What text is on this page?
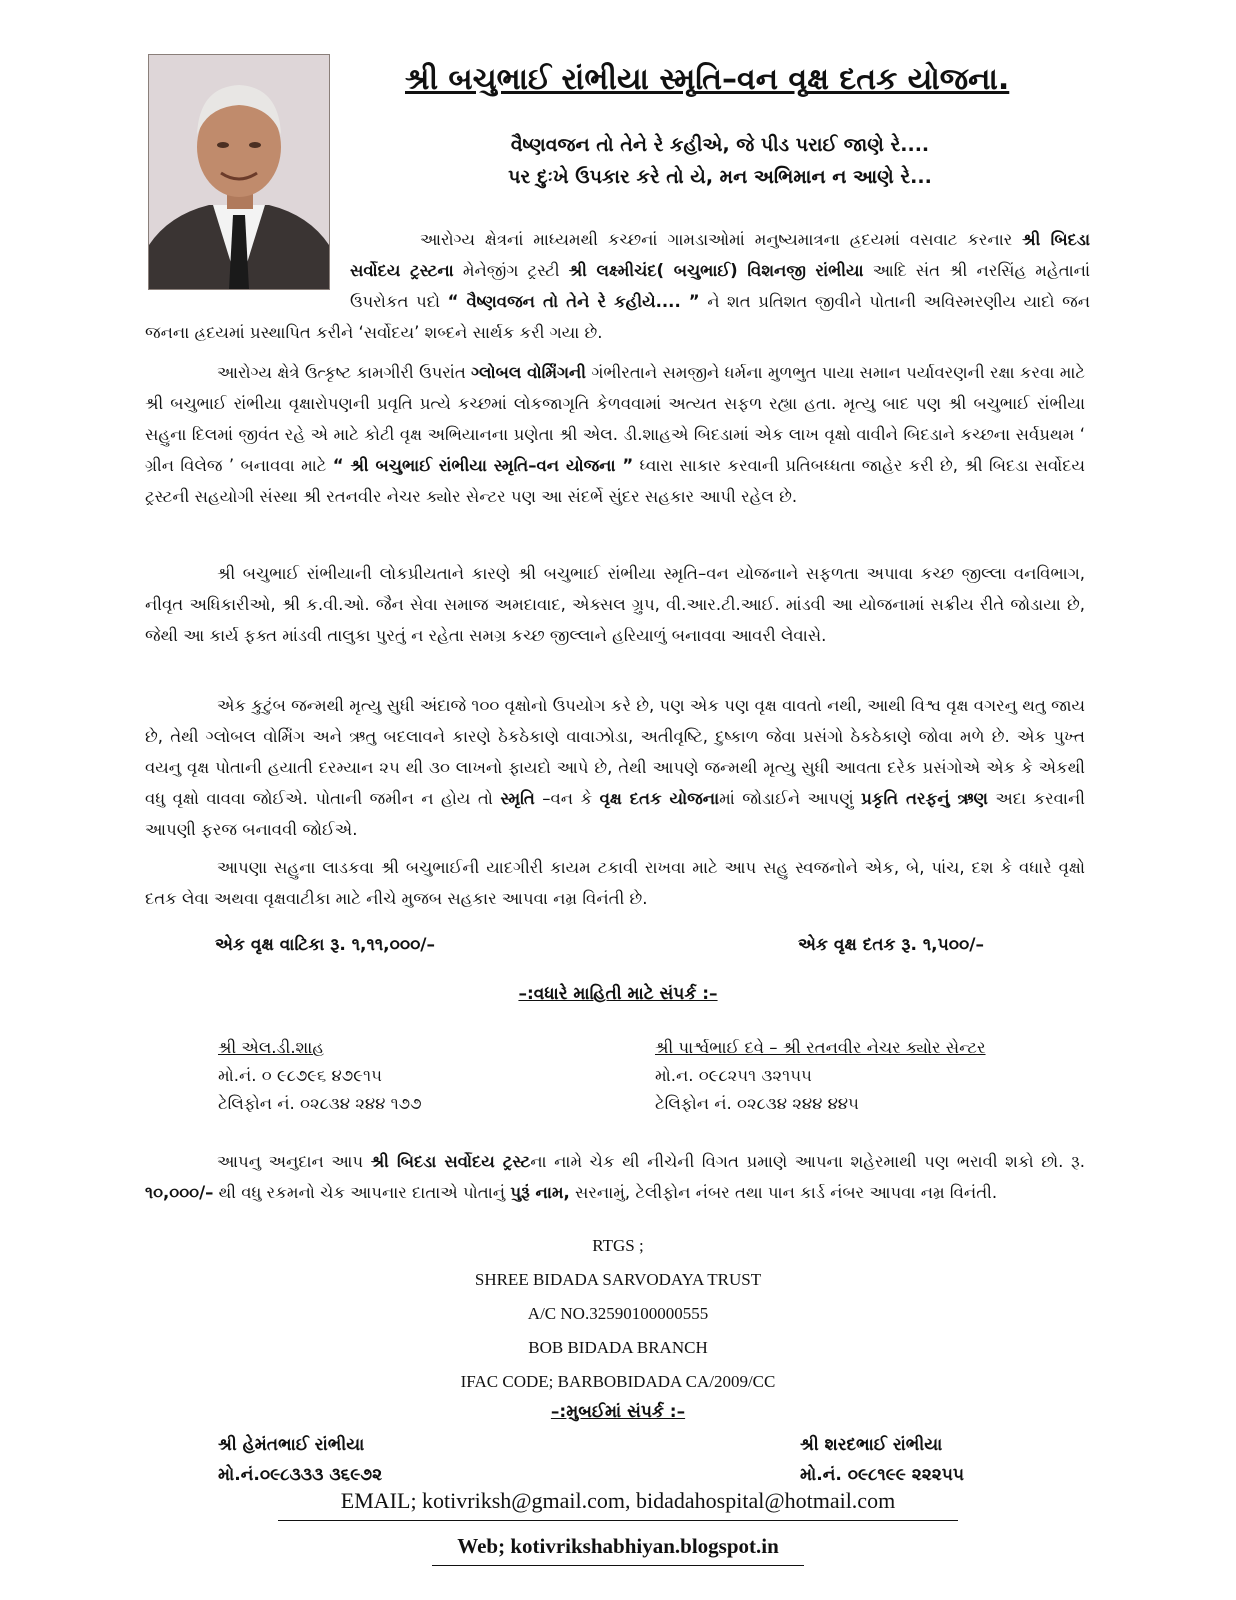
શ્રી બચુભાઈ રાંભીયા સ્મૃતિ–વન વૃક્ષ દતક યોજના.
વૈષ્ણવજન તો તેને રે કહીએ, જે પીડ પરાઈ જાણે રે....
પર દુઃખે ઉપકાર કરે તો યે, મન અભિમાન ન આણે રે...
આરોગ્ય ક્ષેત્રનાં માધ્યમથી કચ્છનાં ગામડાઓમાં મનુષ્યમાત્રના હ્રદયમાં વસવાટ કરનાર શ્રી બિદડા સર્વોદય ટ્રસ્ટના મેનેજીંગ ટ્રસ્ટી શ્રી લક્ષ્મીચંદ( બચુભાઈ) વિશનજી રાંભીયા આદિ સંત શ્રી નરસિંહ મહેતાનાં ઉપરોકત પદો “ વૈષ્ણવજન તો તેને રે કહીયે.... ” ને શત પ્રતિશત જીવીને પોતાની અવિસ્મરણીય યાદો જન જનના હ્રદયમાં પ્રસ્થાપિત કરીને ‘સર્વોદય’ શબ્દને સાર્થક કરી ગયા છે.
આરોગ્ય ક્ષેત્રે ઉત્કૃષ્ટ કામગીરી ઉપરાંત ગ્લોબલ વોર્મિંગની ગંભીરતાને સમજીને ધર્મના મુળભુત પાયા સમાન પર્યાવરણની રક્ષા કરવા માટે શ્રી બચુભાઈ રાંભીયા વૃક્ષારોપણની પ્રવૃતિ પ્રત્યે કચ્છમાં લોકજાગૃતિ કેળવવામાં અત્યત સફળ રહ્યા હતા. મૃત્યુ બાદ પણ શ્રી બચુભાઈ રાંભીયા સહુના દિલમાં જીવંત રહે એ માટે કોટી વૃક્ષ અભિયાનના પ્રણેતા શ્રી એલ. ડી.શાહએ બિદડામાં એક લાખ વૃક્ષો વાવીને બિદડાને કચ્છના સર્વપ્રથમ ‘ ગ્રીન વિલેજ ’ બનાવવા માટે “ શ્રી બચુભાઈ રાંભીયા સ્મૃતિ–વન યોજના ” ધ્વારા સાકાર કરવાની પ્રતિબધ્ધતા જાહેર કરી છે, શ્રી બિદડા સર્વોદય ટ્રસ્ટની સહયોગી સંસ્થા શ્રી રતનવીર નેચર ક્યોર સેન્ટર પણ આ સંદર્ભે સુંદર સહકાર આપી રહેલ છે.
શ્રી બચુભાઈ રાંભીયાની લોકપ્રીયતાને કારણે શ્રી બચુભાઈ રાંભીયા સ્મૃતિ–વન યોજનાને સફળતા અપાવા કચ્છ જીલ્લા વનવિભાગ, નીવૃત અધિકારીઓ, શ્રી ક.વી.ઓ. જૈન સેવા સમાજ અમદાવાદ, એક્સલ ગ્રુપ, વી.આર.ટી.આઈ. માંડવી આ યોજનામાં સક્રીય રીતે જોડાયા છે, જેથી આ કાર્ય ફક્ત માંડવી તાલુકા પુરતું ન રહેતા સમગ્ર કચ્છ જીલ્લાને હરિયાળું બનાવવા આવરી લેવાસે.
એક કુટુંબ જન્મથી મૃત્યુ સુધી અંદાજે ૧૦૦ વૃક્ષોનો ઉપયોગ કરે છે, પણ એક પણ વૃક્ષ વાવતો નથી, આથી વિશ્વ વૃક્ષ વગરનુ થતુ જાય છે, તેથી ગ્લોબલ વોર્મિંગ અને ઋતુ બદલાવને કારણે ઠેકઠેકાણે વાવાઝોડા, અતીવૃષ્ટિ, દુષ્કાળ જેવા પ્રસંગો ઠેકઠેકાણે જોવા મળે છે. એક પુખ્ત વયનુ વૃક્ષ પોતાની હયાતી દરમ્યાન ૨૫ થી ૩૦ લાખનો ફાયદો આપે છે, તેથી આપણે જન્મથી મૃત્યુ સુધી આવતા દરેક પ્રસંગોએ એક કે એકથી વધુ વૃક્ષો વાવવા જોઈએ. પોતાની જમીન ન હોય તો સ્મૃતિ –વન કે વૃક્ષ દતક યોજનામાં જોડાઈને આપણું પ્રકૃતિ તરફનું ઋણ અદા કરવાની આપણી ફરજ બનાવવી જોઈએ.
આપણા સહુના લાડકવા શ્રી બચુભાઈની યાદગીરી કાયમ ટકાવી રાખવા માટે આપ સહુ સ્વજનોને એક, બે, પાંચ, દશ કે વધારે વૃક્ષો દતક લેવા અથવા વૃક્ષવાટીકા માટે નીચે મુજબ સહકાર આપવા નમ્ર વિનંતી છે.
એક વૃક્ષ વાટિકા રૂ. ૧,૧૧,૦૦૦/–	એક વૃક્ષ દતક રૂ. ૧,૫૦૦/–
–:વધારે માહિતી માટે સંપર્ક :–
શ્રી એલ.ડી.શાહ
મો.નં. ૦ ૯૮૭૯૬ ૪૭૯૧૫
ટેલિફોન નં. ૦૨૮૩૪ ૨૪૪ ૧૭૭
શ્રી પાર્શ્વભાઈ દવે – શ્રી રતનવીર નેચર ક્યોર સેન્ટર
મો.ન. ૦૯૮૨૫૧ ૩૨૧૫૫
ટેલિફોન નં. ૦૨૮૩૪ ૨૪૪ ૪૪૫
આપનુ અનુદાન આપ શ્રી બિદડા સર્વોદય ટ્રસ્ટના નામે ચેક થી નીચેની વિગત પ્રમાણે આપના શહેરમાથી પણ ભરાવી શકો છો. રૂ. ૧૦,૦૦૦/– થી વધુ રકમનો ચેક આપનાર દાતાએ પોતાનું પુરૂં નામ, સરનામું, ટેલીફોન નંબર તથા પાન કાર્ડ નંબર આપવા નમ્ર વિનંતી.
RTGS ;
SHREE BIDADA SARVODAYA TRUST
A/C NO.32590100000555
BOB BIDADA BRANCH
IFAC CODE; BARBOBIDADA CA/2009/CC
–:મુબઈમાં સંપર્ક :–
શ્રી હેમંતભાઈ રાંભીયા
મો.નં.૦૯૮૩૩૩ ૩૬૯૭૨
શ્રી શરદભાઈ રાંભીયા
મો.નં. ૦૯૮૧૯૯ ૨૨૨૫૫
EMAIL; kotivriksh@gmail.com, bidadahospital@hotmail.com
Web; kotivrikshabhiyan.blogspot.in
